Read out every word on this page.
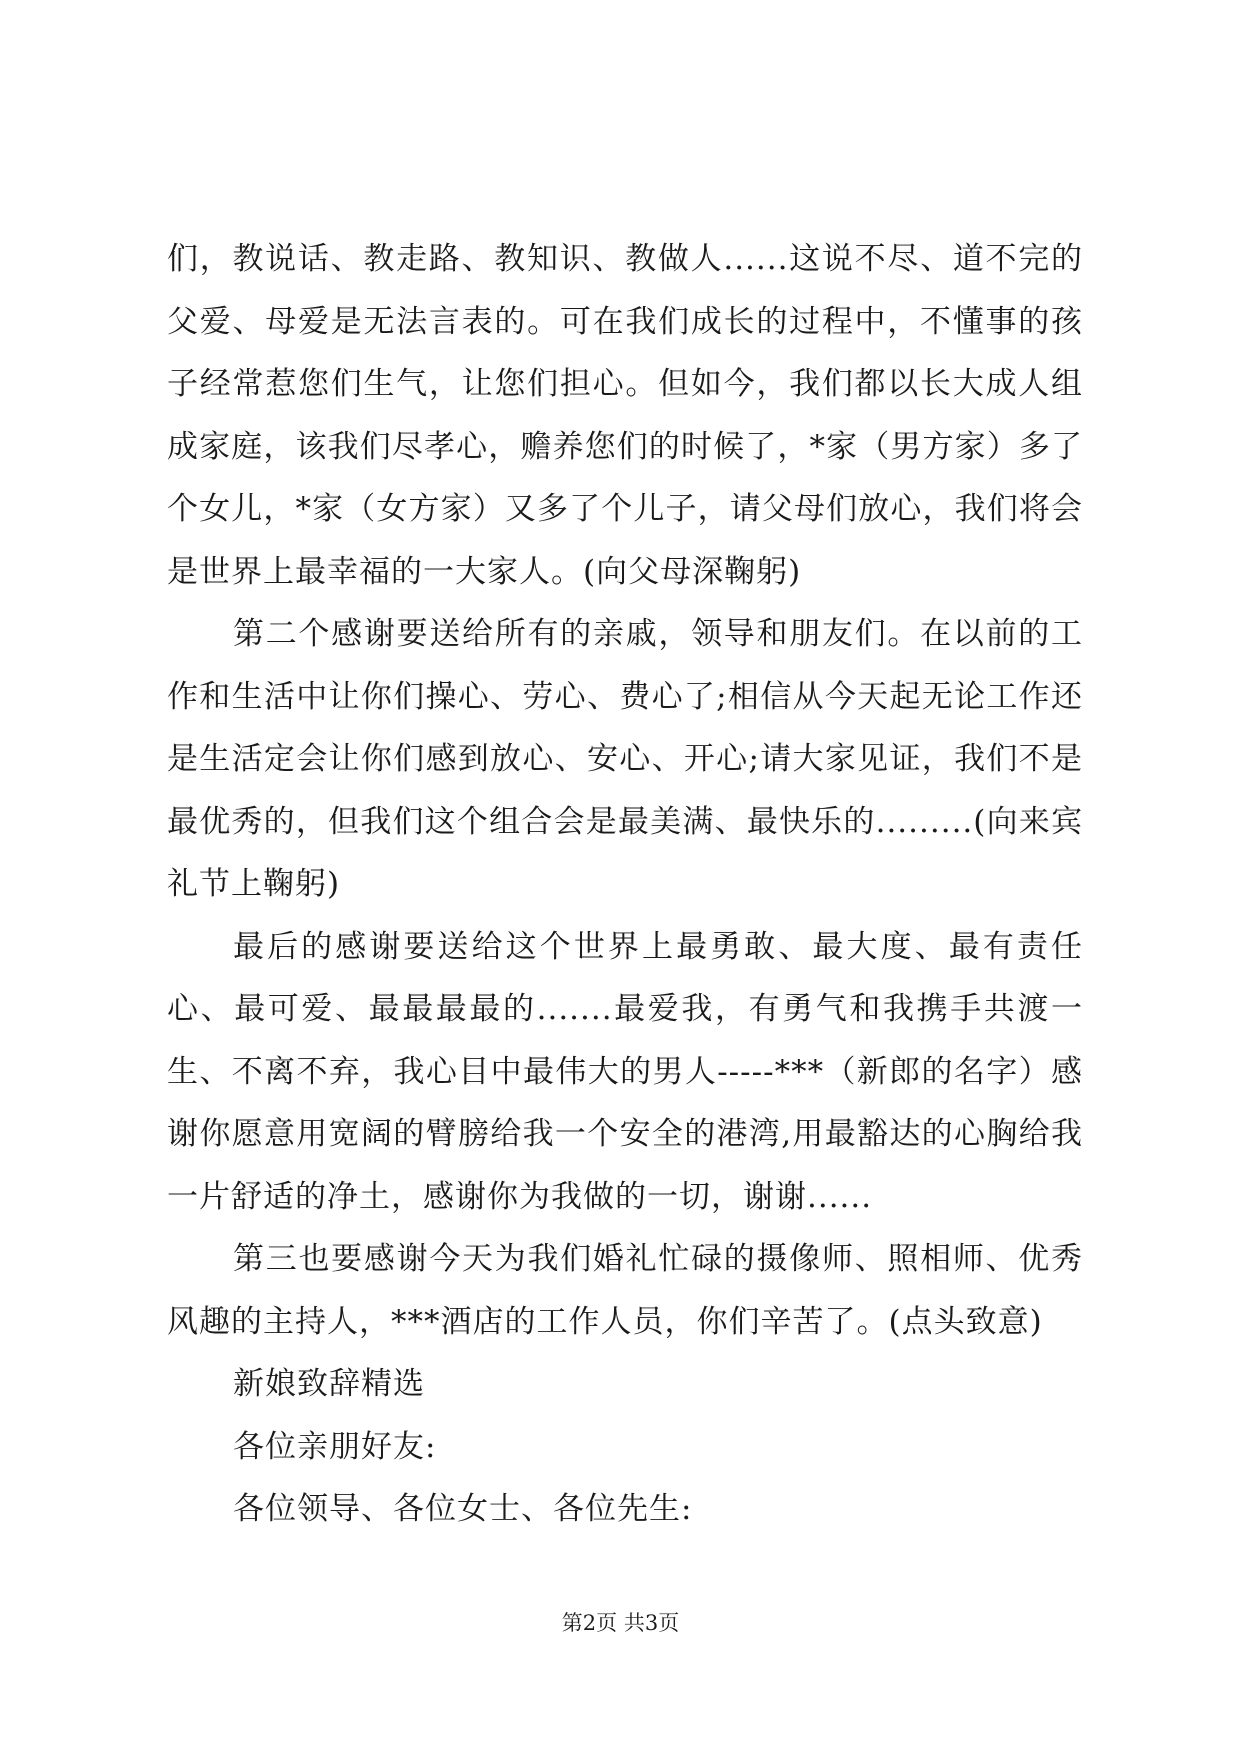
们，教说话、教走路、教知识、教做人......这说不尽、道不完的父爱、母爱是无法言表的。可在我们成长的过程中，不懂事的孩子经常惹您们生气，让您们担心。但如今，我们都以长大成人组成家庭，该我们尽孝心，赡养您们的时候了，*家（男方家）多了个女儿，*家（女方家）又多了个儿子，请父母们放心，我们将会是世界上最幸福的一大家人。(向父母深鞠躬)

第二个感谢要送给所有的亲戚，领导和朋友们。在以前的工作和生活中让你们操心、劳心、费心了;相信从今天起无论工作还是生活定会让你们感到放心、安心、开心;请大家见证，我们不是最优秀的，但我们这个组合会是最美满、最快乐的.........(向来宾礼节上鞠躬)

最后的感谢要送给这个世界上最勇敢、最大度、最有责任心、最可爱、最最最最的.......最爱我，有勇气和我携手共渡一生、不离不弃，我心目中最伟大的男人-----***（新郎的名字）感谢你愿意用宽阔的臂膀给我一个安全的港湾,用最豁达的心胸给我一片舒适的净土，感谢你为我做的一切，谢谢......

第三也要感谢今天为我们婚礼忙碌的摄像师、照相师、优秀风趣的主持人，***酒店的工作人员，你们辛苦了。(点头致意)

新娘致辞精选

各位亲朋好友:

各位领导、各位女士、各位先生:

第2页 共3页
